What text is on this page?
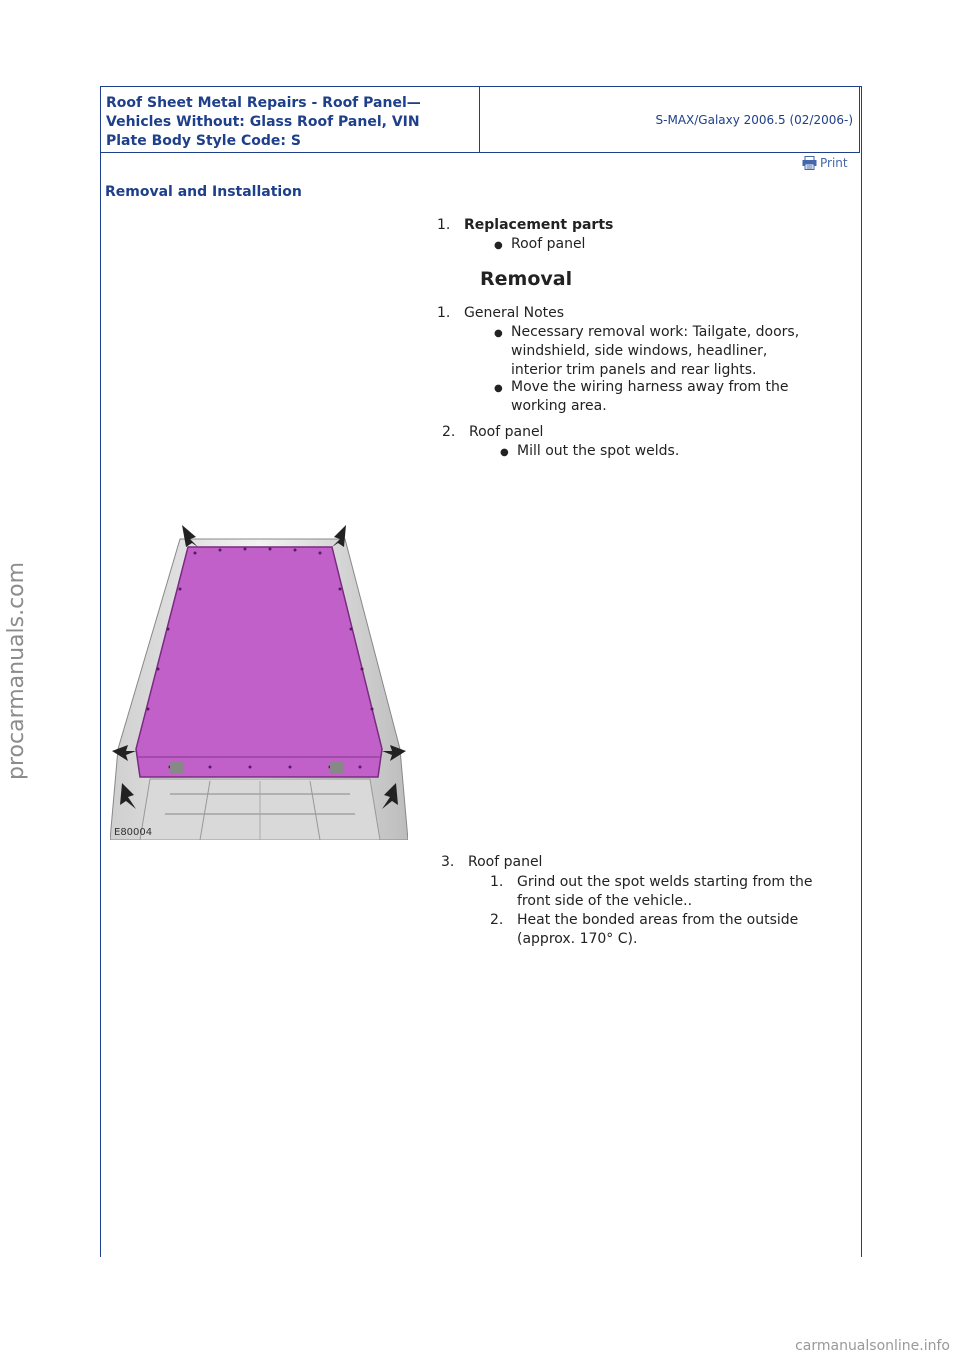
Roof Sheet Metal Repairs - Roof Panel—
Vehicles Without: Glass Roof Panel, VIN
Plate Body Style Code: S
S-MAX/Galaxy 2006.5 (02/2006-)
Print
Removal and Installation
1. Replacement parts
● Roof panel
Removal
1. General Notes
● Necessary removal work: Tailgate, doors,
windshield, side windows, headliner,
interior trim panels and rear lights.
● Move the wiring harness away from the
working area.
2. Roof panel
● Mill out the spot welds.
E80004
3. Roof panel
1. Grind out the spot welds starting from the
front side of the vehicle..
2. Heat the bonded areas from the outside
(approx. 170° C).
procarmanuals.com
carmanualsonline.info
